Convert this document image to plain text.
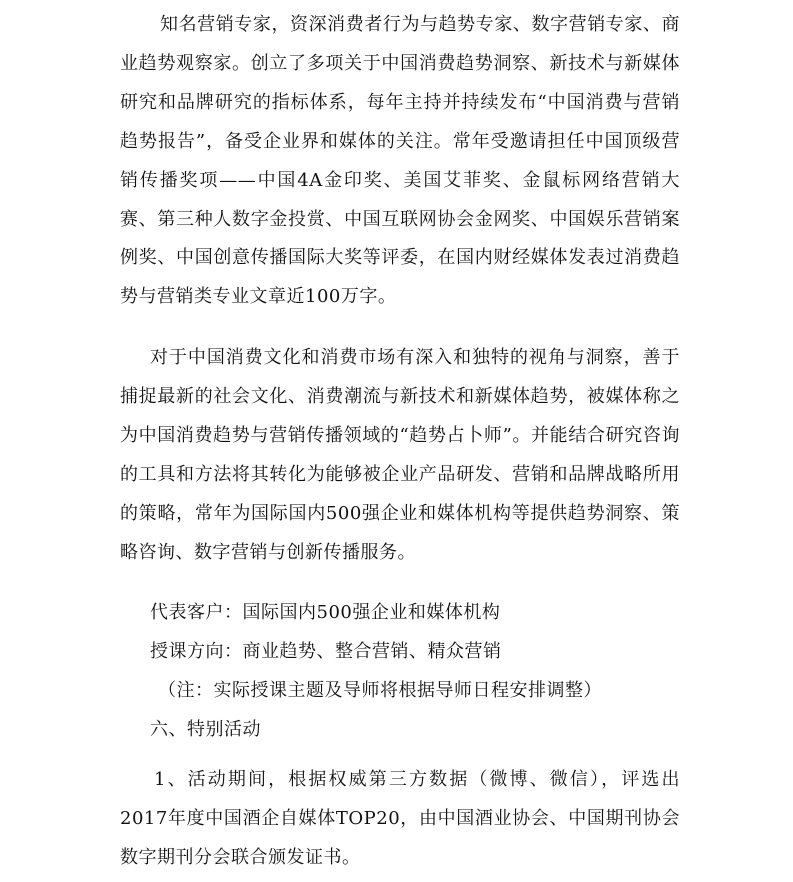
知名营销专家，资深消费者行为与趋势专家、数字营销专家、商业趋势观察家。创立了多项关于中国消费趋势洞察、新技术与新媒体研究和品牌研究的指标体系，每年主持并持续发布“中国消费与营销趋势报告”，备受企业界和媒体的关注。常年受邀请担任中国顶级营销传播奖项——中国4A金印奖、美国艾菲奖、金鼠标网络营销大赛、第三种人数字金投赏、中国互联网协会金网奖、中国娱乐营销案例奖、中国创意传播国际大奖等评委，在国内财经媒体发表过消费趋势与营销类专业文章近100万字。

对于中国消费文化和消费市场有深入和独特的视角与洞察，善于捕捉最新的社会文化、消费潮流与新技术和新媒体趋势，被媒体称之为中国消费趋势与营销传播领域的“趋势占卜师”。并能结合研究咨询的工具和方法将其转化为能够被企业产品研发、营销和品牌战略所用的策略，常年为国际国内500强企业和媒体机构等提供趋势洞察、策略咨询、数字营销与创新传播服务。

代表客户：国际国内500强企业和媒体机构

授课方向：商业趋势、整合营销、精众营销

（注：实际授课主题及导师将根据导师日程安排调整）

六、特别活动

1、活动期间，根据权威第三方数据（微博、微信），评选出2017年度中国酒企自媒体TOP20，由中国酒业协会、中国期刊协会数字期刊分会联合颁发证书。
